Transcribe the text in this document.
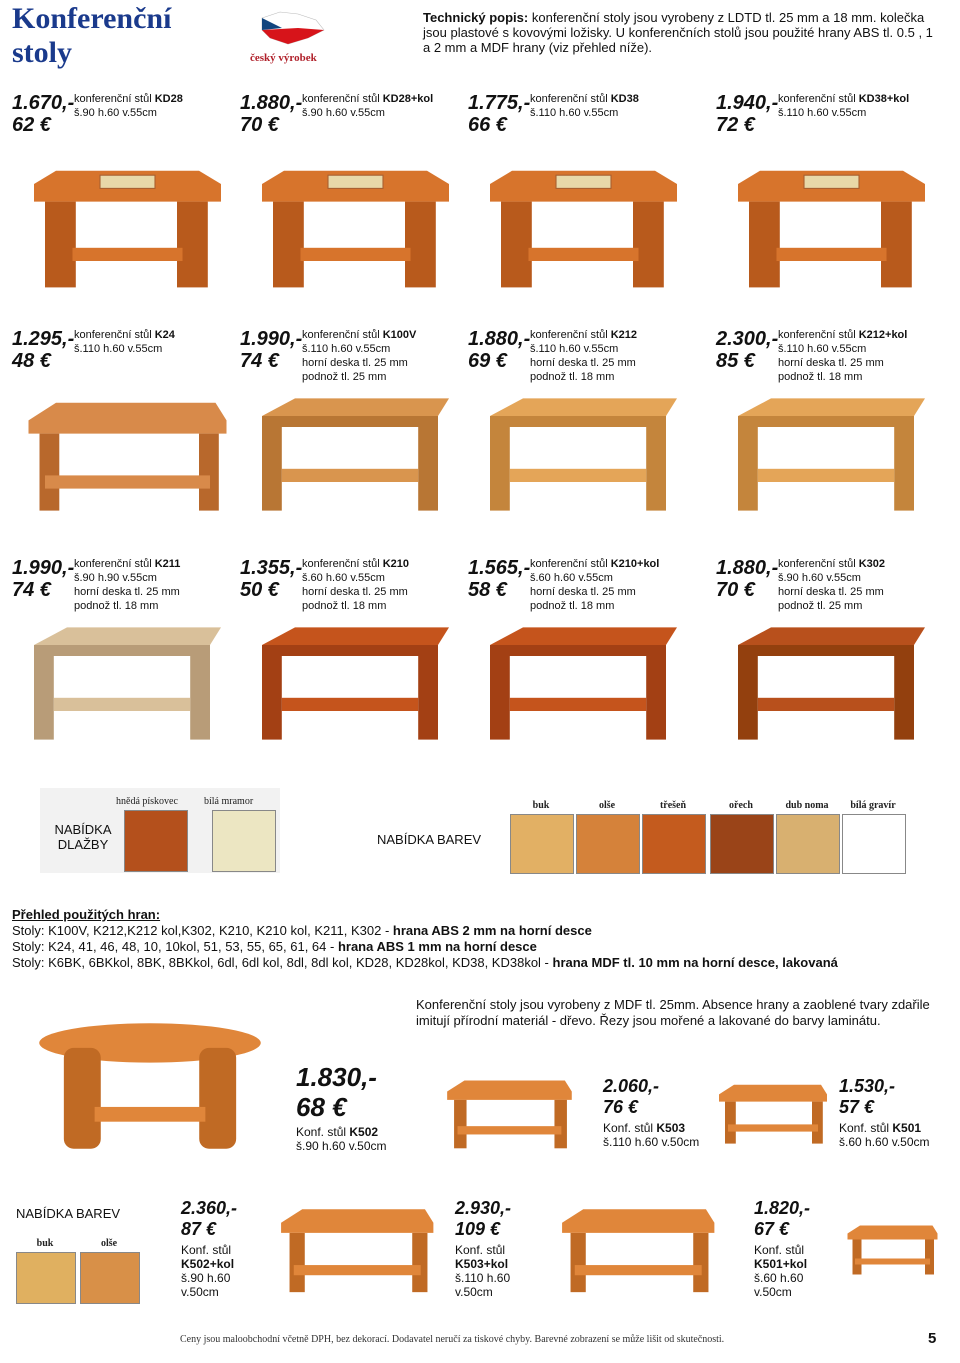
Konferenční
stoly	český výrobek
Technický popis: konferenční stoly jsou vyrobeny z LDTD tl. 25 mm a 18 mm. kolečka jsou plastové s kovovými ložisky. U konferenčních stolů jsou použité hrany ABS tl. 0.5 , 1 a 2 mm a MDF hrany (viz přehled níže).
1.670,-
62 €
konferenční stůl KD28
š.90 h.60 v.55cm	1.880,-
70 €
konferenční stůl KD28+kol
š.90 h.60 v.55cm	1.775,-
66 €
konferenční stůl KD38
š.110 h.60 v.55cm	1.940,-
72 €
konferenční stůl KD38+kol
š.110 h.60 v.55cm
1.295,-
48 €
konferenční stůl K24
š.110 h.60 v.55cm	1.990,-
74 €
konferenční stůl K100V
š.110 h.60 v.55cm
horní deska tl. 25 mm
podnož tl. 25 mm
1.880,-
69 €
konferenční stůl K212
š.110 h.60 v.55cm
horní deska tl. 25 mm
podnož tl. 18 mm
2.300,-
85 €
konferenční stůl K212+kol
š.110 h.60 v.55cm
horní deska tl. 25 mm
podnož tl. 18 mm
1.990,-
74 €
konferenční stůl K211
š.90 h.90 v.55cm
horní deska tl. 25 mm
podnož tl. 18 mm
1.355,-
50 €
konferenční stůl K210
š.60 h.60 v.55cm
horní deska tl. 25 mm
podnož tl. 18 mm
1.565,-
58 €
konferenční stůl K210+kol
š.60 h.60 v.55cm
horní deska tl. 25 mm
podnož tl. 18 mm
1.880,-
70 €
konferenční stůl K302
š.90 h.60 v.55cm
horní deska tl. 25 mm
podnož tl. 25 mm
NABÍDKA DLAŽBY
hnědá pískovec	bílá mramor
NABÍDKA BAREV
buk	olše	třešeň	ořech	dub noma	bílá gravír
Přehled použitých hran:
Stoly: K100V, K212,K212 kol,K302, K210, K210 kol, K211, K302 - hrana ABS 2 mm na horní desce
Stoly: K24, 41, 46, 48, 10, 10kol, 51, 53, 55, 65, 61, 64 - hrana ABS 1 mm na horní desce
Stoly: K6BK, 6BKkol, 8BK, 8BKkol, 6dl, 6dl kol, 8dl, 8dl kol, KD28, KD28kol, KD38, KD38kol - hrana MDF tl. 10 mm na horní desce, lakovaná
Konferenční stoly jsou vyrobeny z MDF tl. 25mm. Absence hrany a zaoblené tvary zdařile imitují přírodní materiál - dřevo. Řezy jsou mořené a lakované do barvy laminátu.
1.830,-
68 €
Konf. stůl K502
š.90 h.60 v.50cm
2.060,-
76 €
Konf. stůl K503
š.110 h.60 v.50cm
1.530,-
57 €
Konf. stůl K501
š.60 h.60 v.50cm
2.360,-
87 €
Konf. stůl
K502+kol
š.90 h.60
v.50cm
2.930,-
109 €
Konf. stůl
K503+kol
š.110 h.60
v.50cm
1.820,-
67 €
Konf. stůl
K501+kol
š.60 h.60
v.50cm
NABÍDKA BAREV
buk	olše
Ceny jsou maloobchodní včetně DPH, bez dekorací. Dodavatel neručí za tiskové chyby. Barevné zobrazení se může lišit od skutečnosti.	5
